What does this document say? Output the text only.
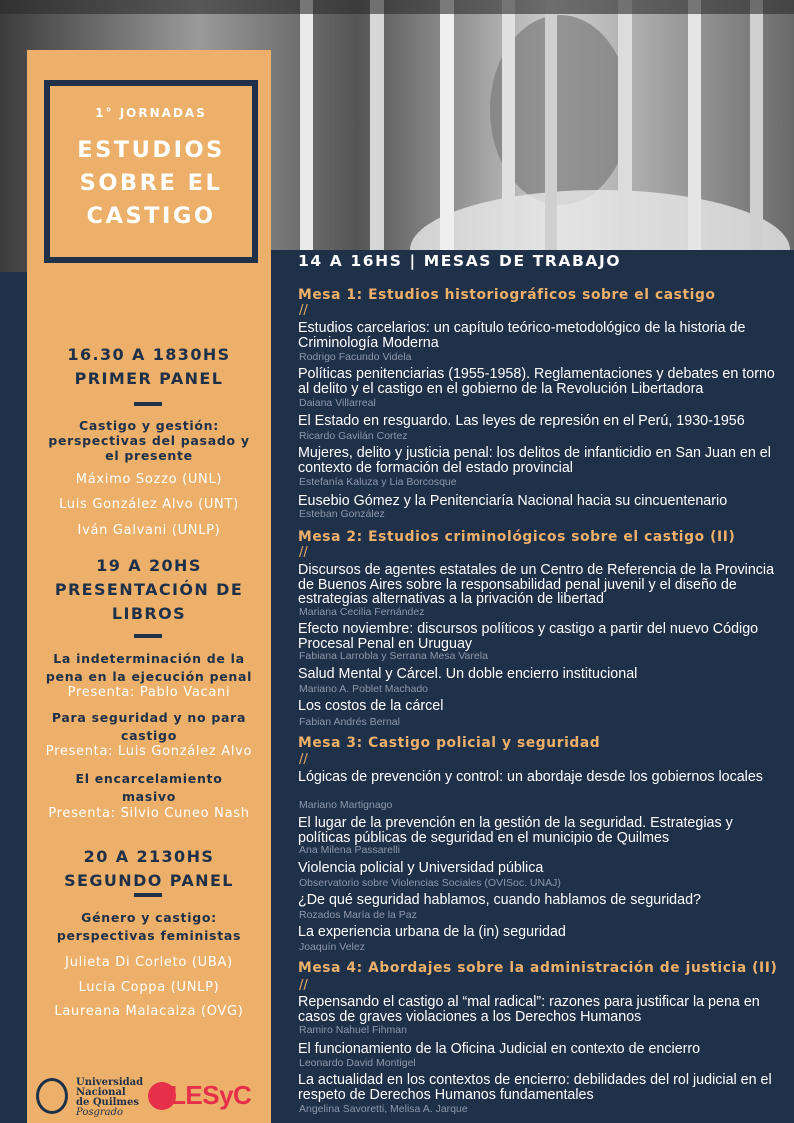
14 A 16HS | MESAS DE TRABAJO
1° JORNADAS
ESTUDIOS
SOBRE EL
CASTIGO
16.30 A 1830HS
PRIMER PANEL
Castigo y gestión:
perspectivas del pasado y
el presente
Máximo Sozzo (UNL)
Luis González Alvo (UNT)
Iván Galvani (UNLP)
19 A 20HS
PRESENTACIÓN DE
LIBROS
La indeterminación de la
pena en la ejecución penal
Presenta: Pablo Vacani
Para seguridad y no para
castigo
Presenta: Luis González Alvo
El encarcelamiento
masivo
Presenta: Silvio Cuneo Nash
20 A 2130HS
SEGUNDO PANEL
Género y castigo:
perspectivas feministas
Julieta Di Corleto (UBA)
Lucia Coppa (UNLP)
Laureana Malacalza (OVG)
Universidad
Nacional
de Quilmes
Posgrado
LESyC
Mesa 1: Estudios historiográficos sobre el castigo
//
Estudios carcelarios: un capítulo teórico-metodológico de la historia de Criminología Moderna
Rodrigo Facundo Videla
Políticas penitenciarias (1955-1958). Reglamentaciones y debates en torno al delito y el castigo en el gobierno de la Revolución Libertadora
Daiana Villarreal
El Estado en resguardo. Las leyes de represión en el Perú, 1930-1956
Ricardo Gavilán Cortez
Mujeres, delito y justicia penal: los delitos de infanticidio en San Juan en el contexto de formación del estado provincial
Estefanía Kaluza y Lia Borcosque
Eusebio Gómez y la Penitenciaría Nacional hacia su cincuentenario
Esteban González
Mesa 2: Estudios criminológicos sobre el castigo (II)
//
Discursos de agentes estatales de un Centro de Referencia de la Provincia de Buenos Aires sobre la responsabilidad penal juvenil y el diseño de estrategias alternativas a la privación de libertad
Mariana Cecilia Fernández
Efecto noviembre: discursos políticos y castigo a partir del nuevo Código Procesal Penal en Uruguay
Fabiana Larrobla y Serrana Mesa Varela
Salud Mental y Cárcel. Un doble encierro institucional
Mariano A. Poblet Machado
Los costos de la cárcel
Fabian Andrés Bernal
Mesa 3: Castigo policial y seguridad
//
Lógicas de prevención y control: un abordaje desde los gobiernos locales
Mariano Martignago
El lugar de la prevención en la gestión de la seguridad. Estrategias y políticas públicas de seguridad en el municipio de Quilmes
Ana Milena Passarelli
Violencia policial y Universidad pública
Observatorio sobre Violencias Sociales (OVISoc. UNAJ)
¿De qué seguridad hablamos, cuando hablamos de seguridad?
Rozados María de la Paz
La experiencia urbana de la (in) seguridad
Joaquín Velez
Mesa 4: Abordajes sobre la administración de justicia (II)
//
Repensando el castigo al “mal radical”: razones para justificar la pena en casos de graves violaciones a los Derechos Humanos
Ramiro Nahuel Fihman
El funcionamiento de la Oficina Judicial en contexto de encierro
Leonardo David Montigel
La actualidad en los contextos de encierro: debilidades del rol judicial en el respeto de Derechos Humanos fundamentales
Angelina Savoretti, Melisa A. Jarque
